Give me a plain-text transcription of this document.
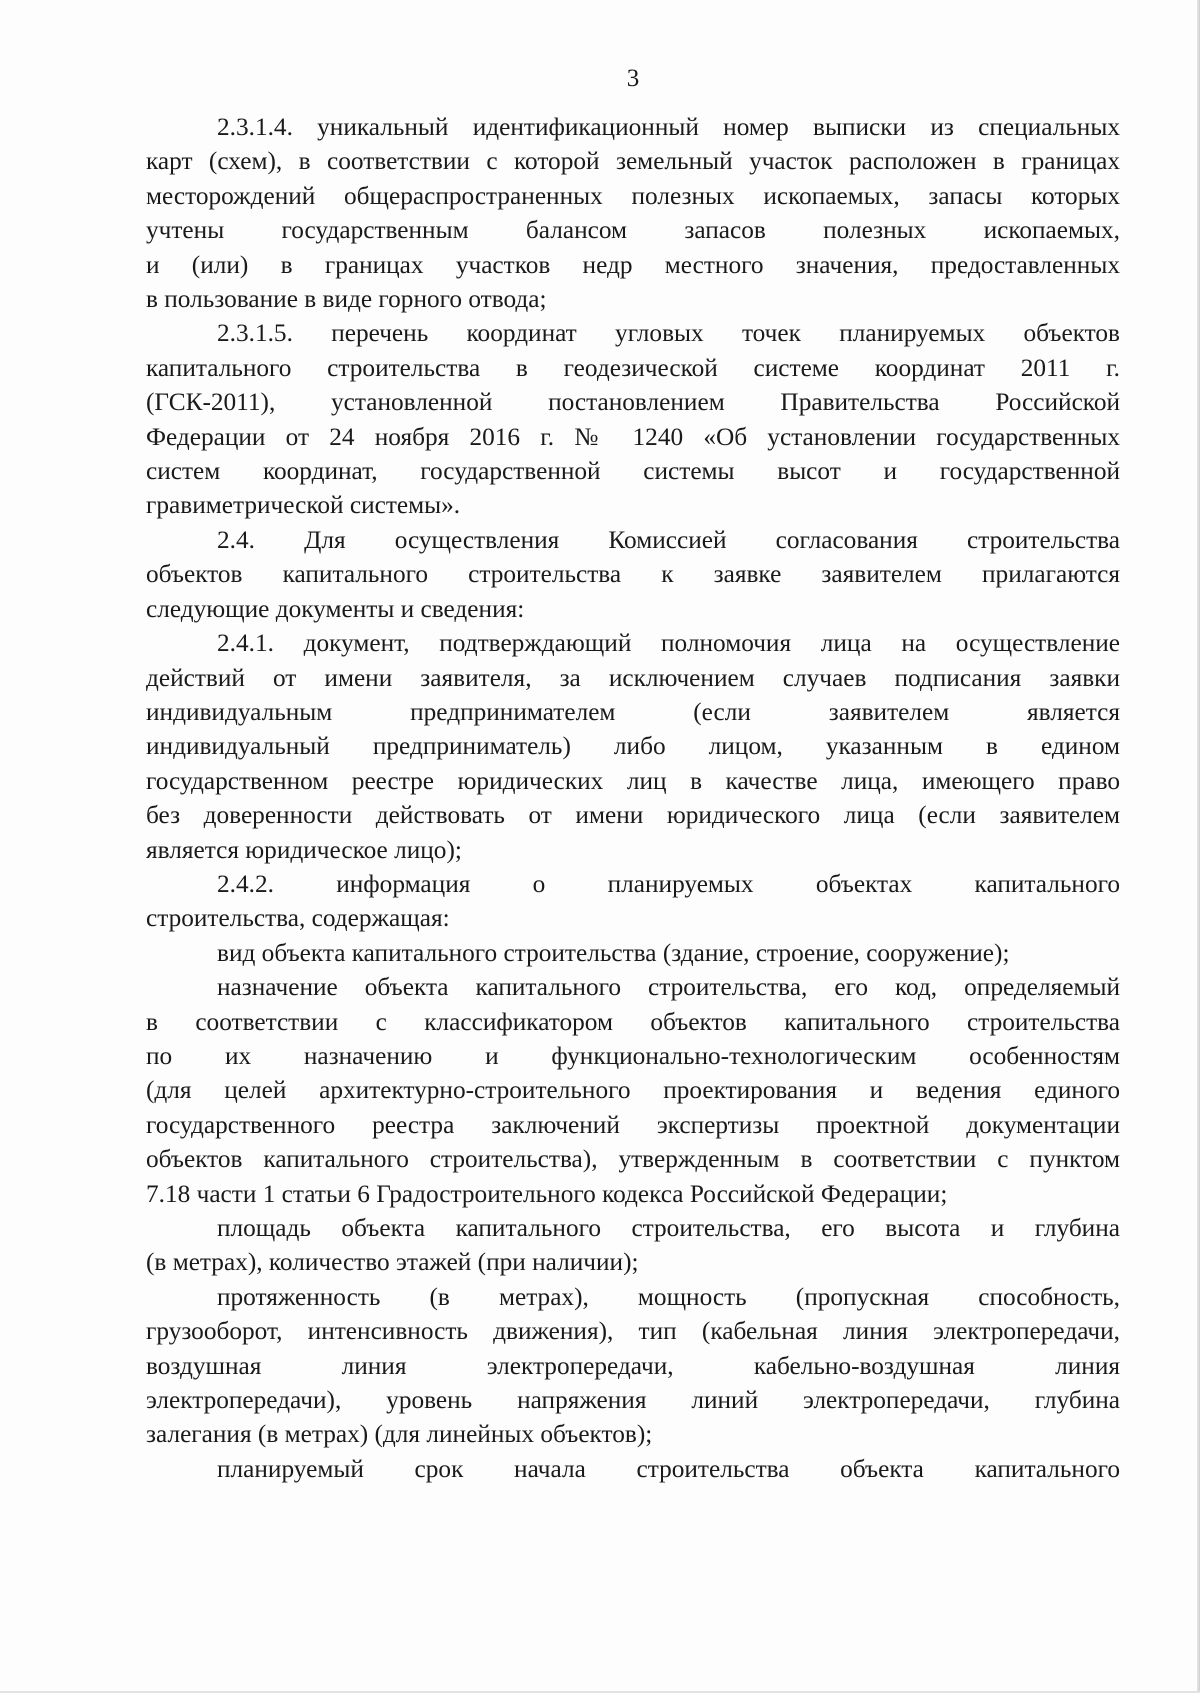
3

2.3.1.4. уникальный идентификационный номер выписки из специальных
карт (схем), в соответствии с которой земельный участок расположен в границах
месторождений общераспространенных полезных ископаемых, запасы которых
учтены государственным балансом запасов полезных ископаемых,
и (или) в границах участков недр местного значения, предоставленных
в пользование в виде горного отвода;

2.3.1.5. перечень координат угловых точек планируемых объектов
капитального строительства в геодезической системе координат 2011 г.
(ГСК-2011), установленной постановлением Правительства Российской
Федерации от 24 ноября 2016 г. № 1240 «Об установлении государственных
систем координат, государственной системы высот и государственной
гравиметрической системы».

2.4. Для осуществления Комиссией согласования строительства
объектов капитального строительства к заявке заявителем прилагаются
следующие документы и сведения:

2.4.1. документ, подтверждающий полномочия лица на осуществление
действий от имени заявителя, за исключением случаев подписания заявки
индивидуальным предпринимателем (если заявителем является
индивидуальный предприниматель) либо лицом, указанным в едином
государственном реестре юридических лиц в качестве лица, имеющего право
без доверенности действовать от имени юридического лица (если заявителем
является юридическое лицо);

2.4.2. информация о планируемых объектах капитального
строительства, содержащая:

вид объекта капитального строительства (здание, строение, сооружение);

назначение объекта капитального строительства, его код, определяемый
в соответствии с классификатором объектов капитального строительства
по их назначению и функционально-технологическим особенностям
(для целей архитектурно-строительного проектирования и ведения единого
государственного реестра заключений экспертизы проектной документации
объектов капитального строительства), утвержденным в соответствии с пунктом
7.18 части 1 статьи 6 Градостроительного кодекса Российской Федерации;

площадь объекта капитального строительства, его высота и глубина
(в метрах), количество этажей (при наличии);

протяженность (в метрах), мощность (пропускная способность,
грузооборот, интенсивность движения), тип (кабельная линия электропередачи,
воздушная линия электропередачи, кабельно-воздушная линия
электропередачи), уровень напряжения линий электропередачи, глубина
залегания (в метрах) (для линейных объектов);

планируемый срок начала строительства объекта капитального
